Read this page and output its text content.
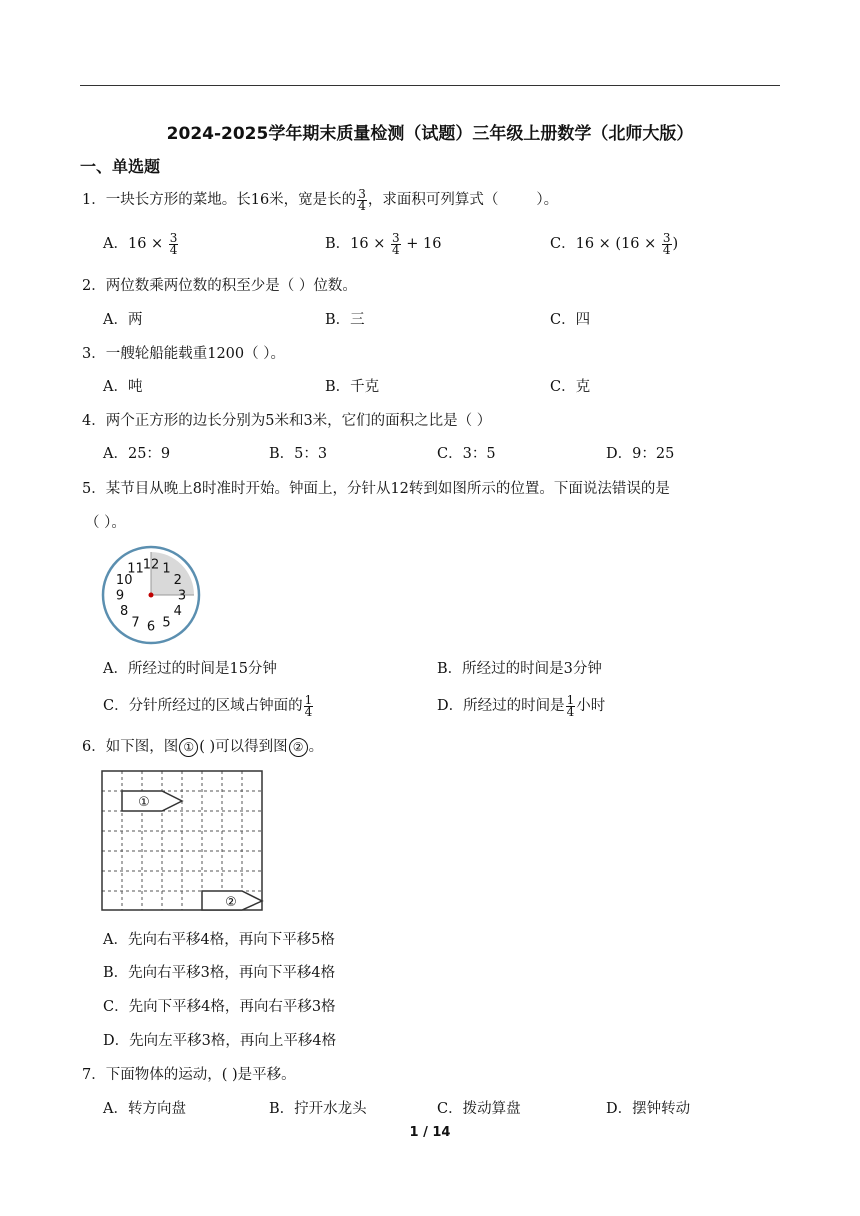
2024-2025学年期末质量检测（试题）三年级上册数学（北师大版）
一、单选题
1．一块长方形的菜地。长16米，宽是长的 $\frac{3}{4}$ ，求面积可列算式（	）。
A．$16 \times \frac{3}{4}$	B．$16 \times \frac{3}{4} + 16$	C．$16 \times (16 \times \frac{3}{4}$ )
2．两位数乘两位数的积至少是（ ）位数。
A．两	B．三	C．四
3．一艘轮船能载重1200（ ）。
A．吨	B．千克	C．克
4．两个正方形的边长分别为5米和3米，它们的面积之比是（ ）
A．25：9	B．5：3	C．3：5	D．9：25
5．某节目从晚上8时准时开始。钟面上，分针从12转到如图所示的位置。下面说法错误的是
（ ）。
12 1
2
3
4
5
6
7
8
9
10
11
A．所经过的时间是15分钟	B．所经过的时间是3分钟
C．分针所经过的区域占钟面的 $\frac{1}{4}$	D．所经过的时间是 $\frac{1}{4}$ 小时
6．如下图，图 ① ( )可以得到图 ② 。
①
②
A．先向右平移4格，再向下平移5格
B．先向右平移3格，再向下平移4格
C．先向下平移4格，再向右平移3格
D．先向左平移3格，再向上平移4格
7．下面物体的运动，( )是平移。
A．转方向盘	B．拧开水龙头	C．拨动算盘	D．摆钟转动
1 / 14
